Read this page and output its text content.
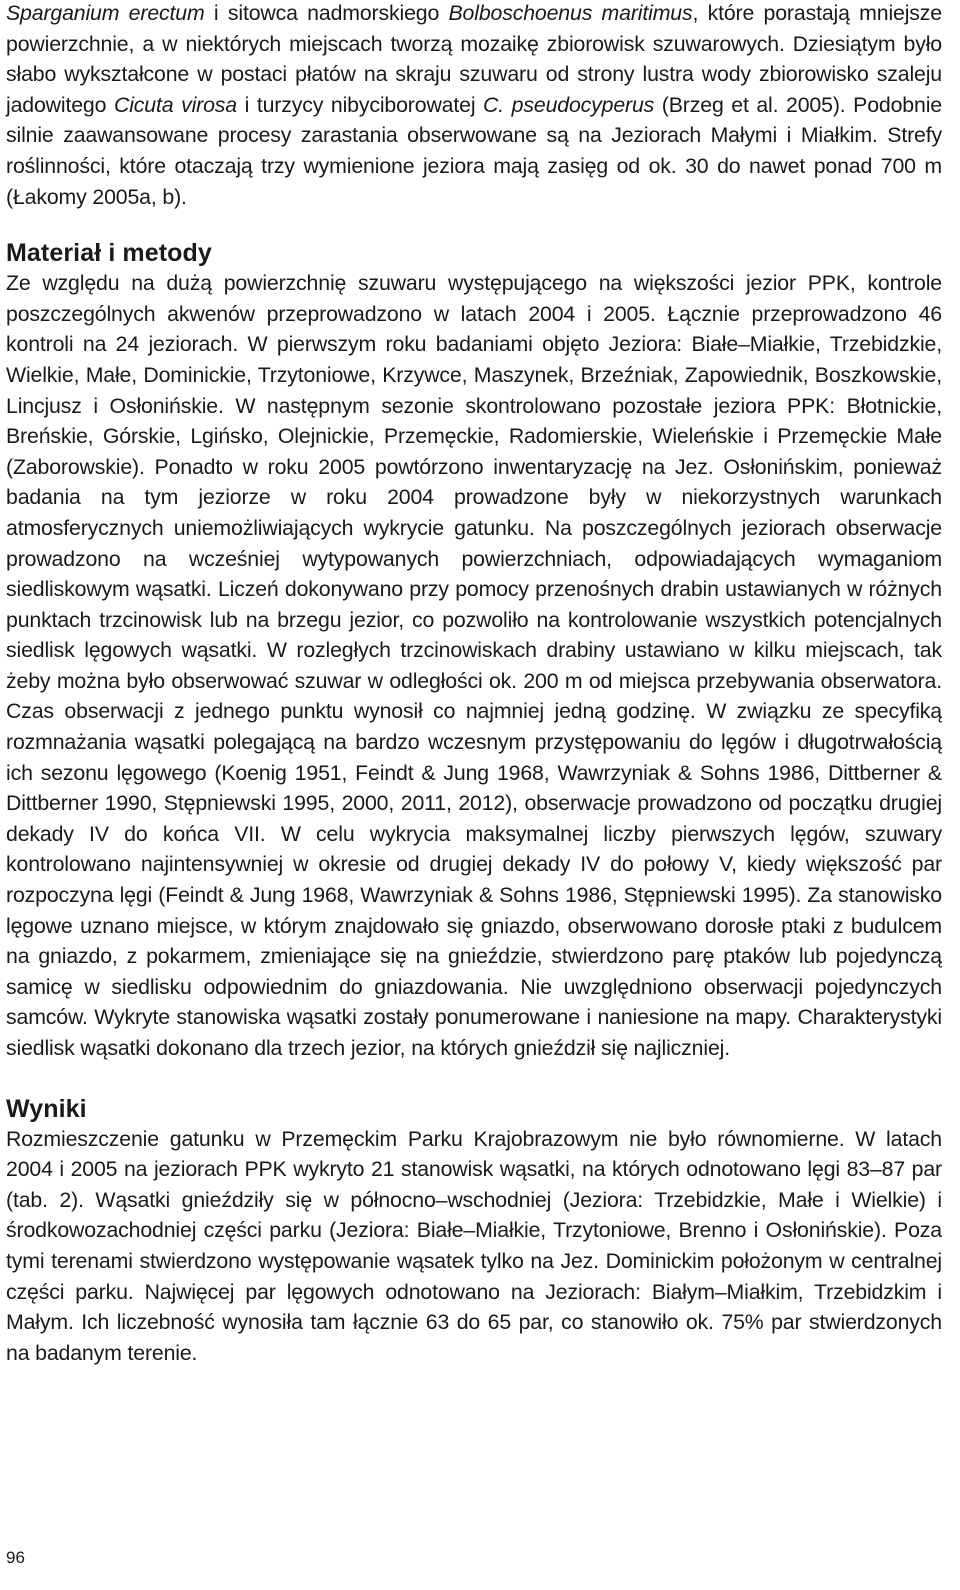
Sparganium erectum i sitowca nadmorskiego Bolboschoenus maritimus, które porastają mniejsze powierzchnie, a w niektórych miejscach tworzą mozaikę zbiorowisk szuwarowych. Dziesiątym było słabo wykształcone w postaci płatów na skraju szuwaru od strony lustra wody zbiorowisko szaleju jadowitego Cicuta virosa i turzycy nibyciborowatej C. pseudocyperus (Brzeg et al. 2005). Podobnie silnie zaawansowane procesy zarastania obserwowane są na Jeziorach Małymi i Miałkim. Strefy roślinności, które otaczają trzy wymienione jeziora mają zasięg od ok. 30 do nawet ponad 700 m (Łakomy 2005a, b).

Materiał i metody

Ze względu na dużą powierzchnię szuwaru występującego na większości jezior PPK, kontrole poszczególnych akwenów przeprowadzono w latach 2004 i 2005. Łącznie przeprowadzono 46 kontroli na 24 jeziorach. W pierwszym roku badaniami objęto Jeziora: Białe–Miałkie, Trzebidzkie, Wielkie, Małe, Dominickie, Trzytoniowe, Krzywce, Maszynek, Brzeźniak, Zapowiednik, Boszkowskie, Lincjusz i Osłonińskie. W następnym sezonie skontrolowano pozostałe jeziora PPK: Błotnickie, Breńskie, Górskie, Lgińsko, Olejnickie, Przemęckie, Radomierskie, Wieleńskie i Przemęckie Małe (Zaborowskie). Ponadto w roku 2005 powtórzono inwentaryzację na Jez. Osłonińskim, ponieważ badania na tym jeziorze w roku 2004 prowadzone były w niekorzystnych warunkach atmosferycznych uniemożliwiających wykrycie gatunku. Na poszczególnych jeziorach obserwacje prowadzono na wcześniej wytypowanych powierzchniach, odpowiadających wymaganiom siedliskowym wąsatki. Liczeń dokonywano przy pomocy przenośnych drabin ustawianych w różnych punktach trzcinowisk lub na brzegu jezior, co pozwoliło na kontrolowanie wszystkich potencjalnych siedlisk lęgowych wąsatki. W rozległych trzcinowiskach drabiny ustawiano w kilku miejscach, tak żeby można było obserwować szuwar w odległości ok. 200 m od miejsca przebywania obserwatora. Czas obserwacji z jednego punktu wynosił co najmniej jedną godzinę. W związku ze specyfiką rozmnażania wąsatki polegającą na bardzo wczesnym przystępowaniu do lęgów i długotrwałością ich sezonu lęgowego (Koenig 1951, Feindt & Jung 1968, Wawrzyniak & Sohns 1986, Dittberner & Dittberner 1990, Stępniewski 1995, 2000, 2011, 2012), obserwacje prowadzono od początku drugiej dekady IV do końca VII. W celu wykrycia maksymalnej liczby pierwszych lęgów, szuwary kontrolowano najintensywniej w okresie od drugiej dekady IV do połowy V, kiedy większość par rozpoczyna lęgi (Feindt & Jung 1968, Wawrzyniak & Sohns 1986, Stępniewski 1995). Za stanowisko lęgowe uznano miejsce, w którym znajdowało się gniazdo, obserwowano dorosłe ptaki z budulcem na gniazdo, z pokarmem, zmieniające się na gnieździe, stwierdzono parę ptaków lub pojedynczą samicę w siedlisku odpowiednim do gniazdowania. Nie uwzględniono obserwacji pojedynczych samców. Wykryte stanowiska wąsatki zostały ponumerowane i naniesione na mapy. Charakterystyki siedlisk wąsatki dokonano dla trzech jezior, na których gnieździł się najliczniej.

Wyniki

Rozmieszczenie gatunku w Przemęckim Parku Krajobrazowym nie było równomierne. W latach 2004 i 2005 na jeziorach PPK wykryto 21 stanowisk wąsatki, na których odnotowano lęgi 83–87 par (tab. 2). Wąsatki gnieździły się w północno–wschodniej (Jeziora: Trzebidzkie, Małe i Wielkie) i środkowozachodniej części parku (Jeziora: Białe–Miałkie, Trzytoniowe, Brenno i Osłonińskie). Poza tymi terenami stwierdzono występowanie wąsatek tylko na Jez. Dominickim położonym w centralnej części parku. Najwięcej par lęgowych odnotowano na Jeziorach: Białym–Miałkim, Trzebidzkim i Małym. Ich liczebność wynosiła tam łącznie 63 do 65 par, co stanowiło ok. 75% par stwierdzonych na badanym terenie.

96
